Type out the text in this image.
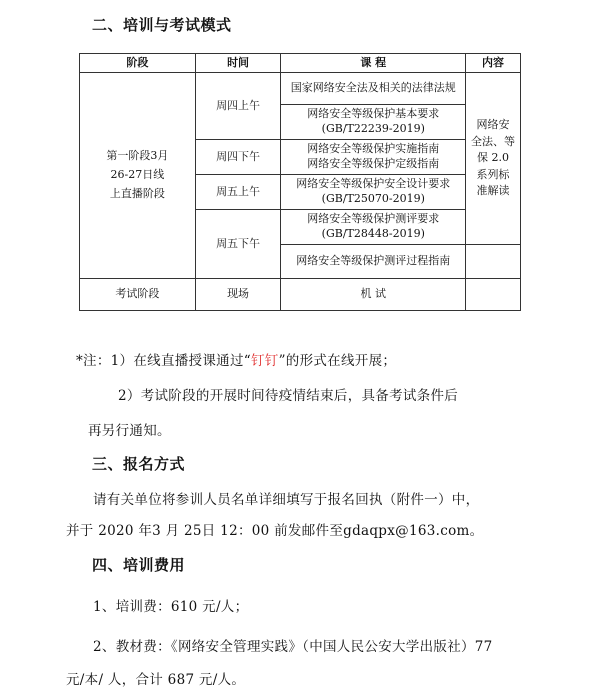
二、培训与考试模式
阶段	时间	课 程	内容

第一阶段3月
26-27日线
上直播阶段	周四上午	国家网络安全法及相关的法律法规	网络安
全法、等
保 2.0
系列标
准解读

		网络安全等级保护基本要求
(GB/T22239-2019)	

	周四下午	网络安全等级保护实施指南
网络安全等级保护定级指南	

	周五上午	网络安全等级保护安全设计要求
(GB/T25070-2019)	

	周五下午	网络安全等级保护测评要求
(GB/T28448-2019)	

		网络安全等级保护测评过程指南	

考试阶段	现场	机 试	
*注：1）在线直播授课通过“钉钉”的形式在线开展；
2）考试阶段的开展时间待疫情结束后，具备考试条件后
再另行通知。
三、报名方式
请有关单位将参训人员名单详细填写于报名回执（附件一）中，
并于 2020 年3 月 25日 12：00 前发邮件至gdaqpx@163.com。
四、培训费用
1、培训费：610 元/人；
2、教材费：《网络安全管理实践》（中国人民公安大学出版社）77
元/本/ 人，合计 687 元/人。
